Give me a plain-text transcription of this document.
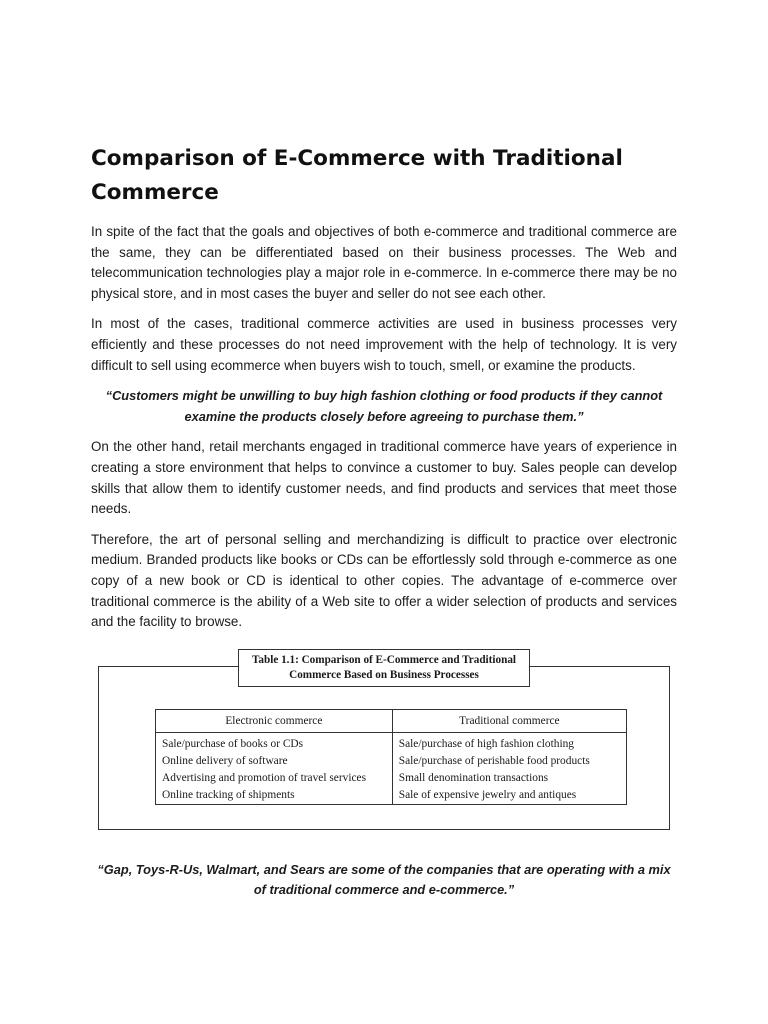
Comparison of E-Commerce with Traditional
Commerce

In spite of the fact that the goals and objectives of both e-commerce and traditional commerce are the same, they can be differentiated based on their business processes. The Web and telecommunication technologies play a major role in e-commerce. In e-commerce there may be no physical store, and in most cases the buyer and seller do not see each other.

In most of the cases, traditional commerce activities are used in business processes very efficiently and these processes do not need improvement with the help of technology. It is very difficult to sell using ecommerce when buyers wish to touch, smell, or examine the products.

“Customers might be unwilling to buy high fashion clothing or food products if they cannot examine the products closely before agreeing to purchase them.”

On the other hand, retail merchants engaged in traditional commerce have years of experience in creating a store environment that helps to convince a customer to buy. Sales people can develop skills that allow them to identify customer needs, and find products and services that meet those needs.

Therefore, the art of personal selling and merchandizing is difficult to practice over electronic medium. Branded products like books or CDs can be effortlessly sold through e-commerce as one copy of a new book or CD is identical to other copies. The advantage of e-commerce over traditional commerce is the ability of a Web site to offer a wider selection of products and services and the facility to browse.

Table 1.1: Comparison of E-Commerce and Traditional
Commerce Based on Business Processes
Electronic commerce	Traditional commerce
Sale/purchase of books or CDs	Sale/purchase of high fashion clothing
Online delivery of software	Sale/purchase of perishable food products
Advertising and promotion of travel services	Small denomination transactions
Online tracking of shipments	Sale of expensive jewelry and antiques

“Gap, Toys-R-Us, Walmart, and Sears are some of the companies that are operating with a mix of traditional commerce and e-commerce.”
